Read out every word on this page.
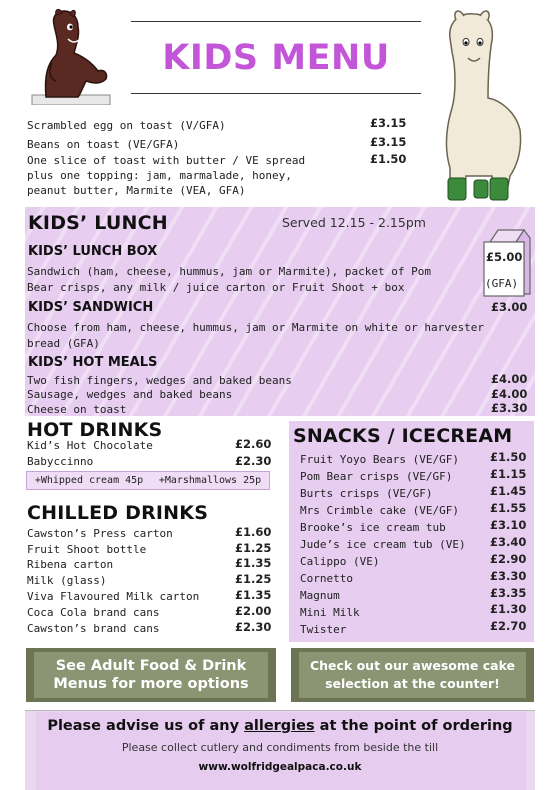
KIDS MENU
Scrambled egg on toast (V/GFA)	£3.15
Beans on toast (VE/GFA)	£3.15
One slice of toast with butter / VE spread	£1.50
plus one topping: jam, marmalade, honey,
peanut butter, Marmite (VEA, GFA)
KIDS’ LUNCH	Served 12.15 - 2.15pm
KIDS’ LUNCH BOX
Sandwich (ham, cheese, hummus, jam or Marmite), packet of Pom
Bear crisps, any milk / juice carton or Fruit Shoot + box
£5.00
(GFA)
KIDS’ SANDWICH	£3.00
Choose from ham, cheese, hummus, jam or Marmite on white or harvester
bread (GFA)
KIDS’ HOT MEALS
Two fish fingers, wedges and baked beans	£4.00
Sausage, wedges and baked beans	£4.00
Cheese on toast	£3.30
HOT DRINKS
Kid’s Hot Chocolate	£2.60
Babyccinno	£2.30
+Whipped cream 45p +Marshmallows 25p
CHILLED DRINKS
Cawston’s Press carton	£1.60
Fruit Shoot bottle	£1.25
Ribena carton	£1.35
Milk (glass)	£1.25
Viva Flavoured Milk carton	£1.35
Coca Cola brand cans	£2.00
Cawston’s brand cans	£2.30
SNACKS / ICECREAM
Fruit Yoyo Bears (VE/GF)	£1.50
Pom Bear crisps (VE/GF)	£1.15
Burts crisps (VE/GF)	£1.45
Mrs Crimble cake (VE/GF)	£1.55
Brooke’s ice cream tub	£3.10
Jude’s ice cream tub (VE) £3.40
Calippo (VE)	£2.90
Cornetto	£3.30
Magnum	£3.35
Mini Milk	£1.30
Twister	£2.70
See Adult Food & Drink
Menus for more options
Check out our awesome cake
selection at the counter!
Please advise us of any allergies at the point of ordering
Please collect cutlery and condiments from beside the till
www.wolfridgealpaca.co.uk
